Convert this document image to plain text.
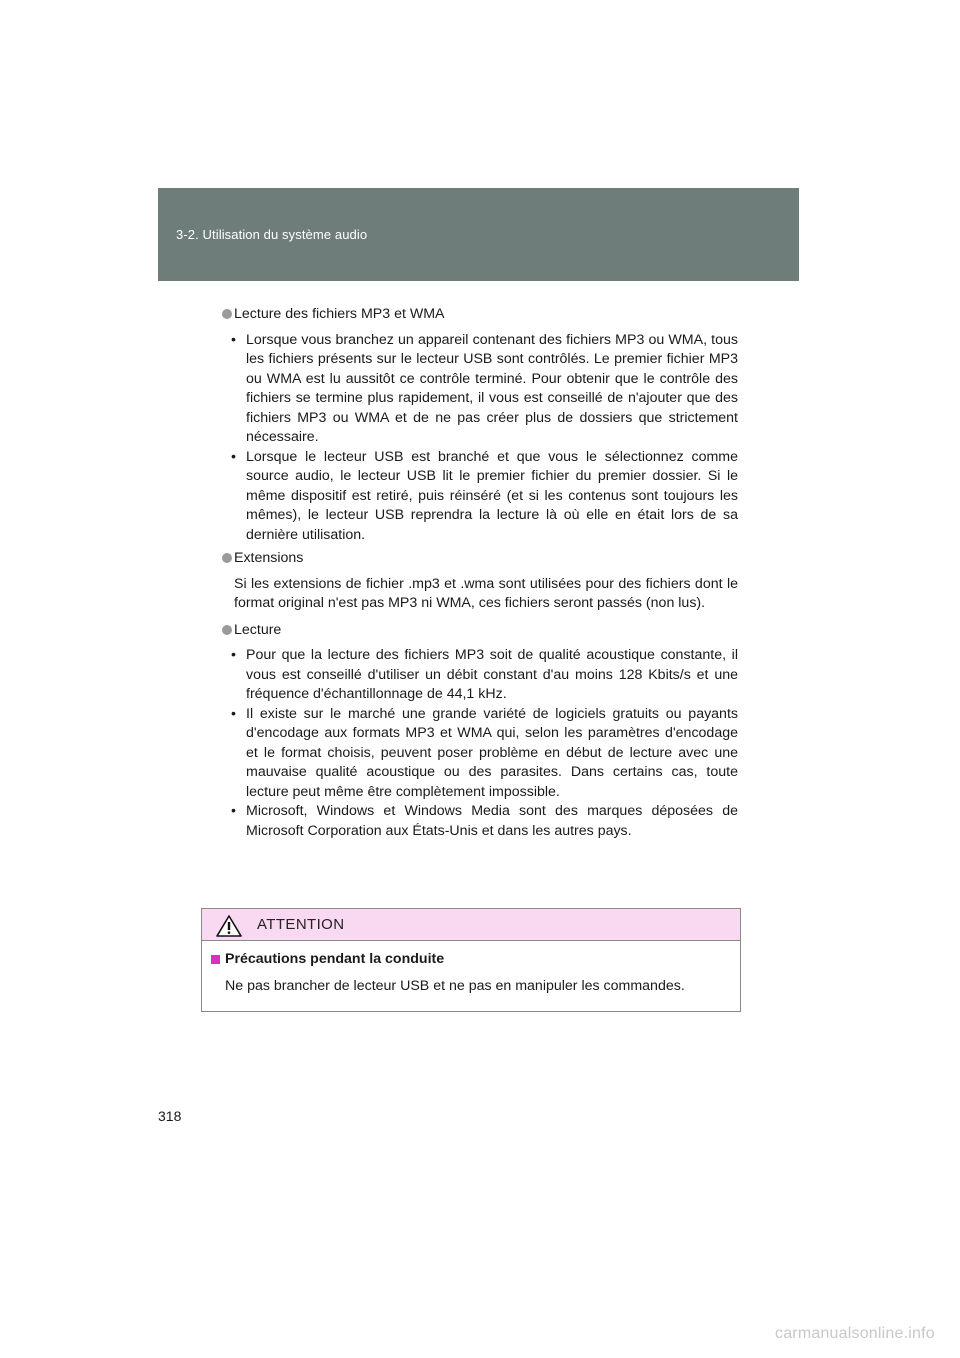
3-2. Utilisation du système audio
Lecture des fichiers MP3 et WMA
• Lorsque vous branchez un appareil contenant des fichiers MP3 ou WMA, tous les fichiers présents sur le lecteur USB sont contrôlés. Le premier fichier MP3 ou WMA est lu aussitôt ce contrôle terminé. Pour obtenir que le contrôle des fichiers se termine plus rapidement, il vous est conseillé de n'ajouter que des fichiers MP3 ou WMA et de ne pas créer plus de dossiers que strictement nécessaire.
• Lorsque le lecteur USB est branché et que vous le sélectionnez comme source audio, le lecteur USB lit le premier fichier du premier dossier. Si le même dispositif est retiré, puis réinséré (et si les contenus sont toujours les mêmes), le lecteur USB reprendra la lecture là où elle en était lors de sa dernière utilisation.
Extensions

Si les extensions de fichier .mp3 et .wma sont utilisées pour des fichiers dont le format original n'est pas MP3 ni WMA, ces fichiers seront passés (non lus).

Lecture
• Pour que la lecture des fichiers MP3 soit de qualité acoustique constante, il vous est conseillé d'utiliser un débit constant d'au moins 128 Kbits/s et une fréquence d'échantillonnage de 44,1 kHz.
• Il existe sur le marché une grande variété de logiciels gratuits ou payants d'encodage aux formats MP3 et WMA qui, selon les paramètres d'encodage et le format choisis, peuvent poser problème en début de lecture avec une mauvaise qualité acoustique ou des parasites. Dans certains cas, toute lecture peut même être complètement impossible.
• Microsoft, Windows et Windows Media sont des marques déposées de Microsoft Corporation aux États-Unis et dans les autres pays.
ATTENTION
Précautions pendant la conduite
Ne pas brancher de lecteur USB et ne pas en manipuler les commandes.
318
carmanualsonline.info
